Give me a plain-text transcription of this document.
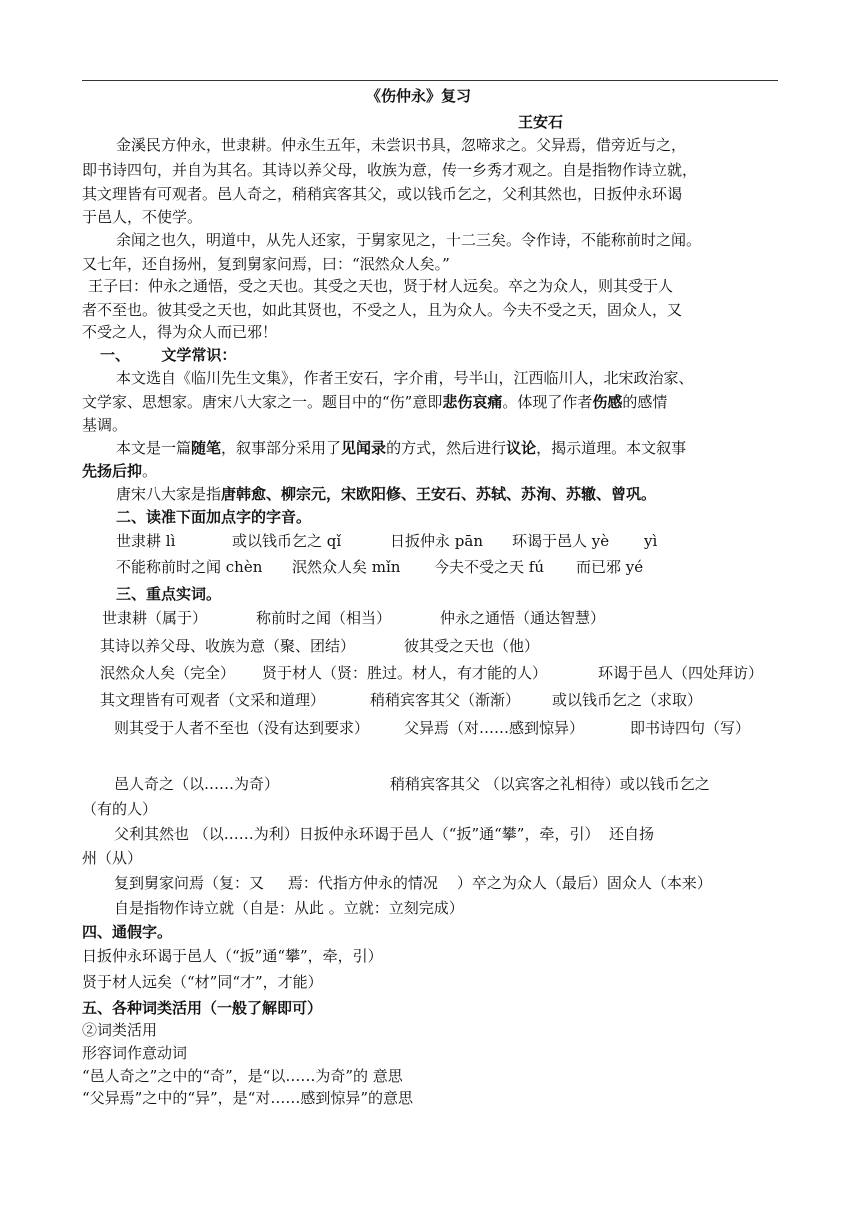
《伤仲永》复习
王安石
金溪民方仲永，世隶耕。仲永生五年，未尝识书具，忽啼求之。父异焉，借旁近与之，
即书诗四句，并自为其名。其诗以养父母，收族为意，传一乡秀才观之。自是指物作诗立就，
其文理皆有可观者。邑人奇之，稍稍宾客其父，或以钱币乞之，父利其然也，日扳仲永环谒
于邑人，不使学。
余闻之也久，明道中，从先人还家，于舅家见之，十二三矣。令作诗，不能称前时之闻。
又七年，还自扬州，复到舅家问焉，曰：“泯然众人矣。”
王子曰：仲永之通悟，受之天也。其受之天也，贤于材人远矣。卒之为众人，则其受于人
者不至也。彼其受之天也，如此其贤也，不受之人，且为众人。今夫不受之天，固众人，又
不受之人，得为众人而已邪！
一、 文学常识：
本文选自《临川先生文集》，作者王安石，字介甫，号半山，江西临川人，北宋政治家、
文学家、思想家。唐宋八大家之一。题目中的“伤”意即悲伤哀痛。体现了作者伤感的感情
基调。
本文是一篇随笔，叙事部分采用了见闻录的方式，然后进行议论，揭示道理。本文叙事
先扬后抑。
唐宋八大家是指唐韩愈、柳宗元，宋欧阳修、王安石、苏轼、苏洵、苏辙、曾巩。
二、读准下面加点字的字音。
世隶耕 lì	或以钱币乞之 qǐ	日扳仲永 pān 环谒于邑人 yè yì
不能称前时之闻 chèn 泯然众人矣 mǐn 今夫不受之天 fú 而已邪 yé
三、重点实词。
世隶耕（属于）	称前时之闻（相当）	仲永之通悟（通达智慧）
其诗以养父母、收族为意（聚、团结）	彼其受之天也（他）
泯然众人矣（完全） 贤于材人（贤：胜过。材人，有才能的人）	环谒于邑人（四处拜访）
其文理皆有可观者（文采和道理）	稍稍宾客其父（渐渐） 或以钱币乞之（求取）
则其受于人者不至也（没有达到要求） 父异焉（对……感到惊异）	即书诗四句（写）
邑人奇之（以……为奇）	稍稍宾客其父 （以宾客之礼相待）或以钱币乞之
（有的人）
父利其然也 （以……为利）日扳仲永环谒于邑人（“扳”通“攀”，牵，引）  还自扬
州（从）
复到舅家问焉（复：又     焉：代指方仲永的情况    ）卒之为众人（最后）固众人（本来）
自是指物作诗立就（自是：从此 。立就：立刻完成）
四、通假字。
日扳仲永环谒于邑人（“扳”通“攀”，牵，引）
贤于材人远矣（“材”同“才”，才能）
五、各种词类活用（一般了解即可）
②词类活用
形容词作意动词
“邑人奇之”之中的“奇”，是“以……为奇”的 意思
“父异焉”之中的“异”，是“对……感到惊异”的意思
